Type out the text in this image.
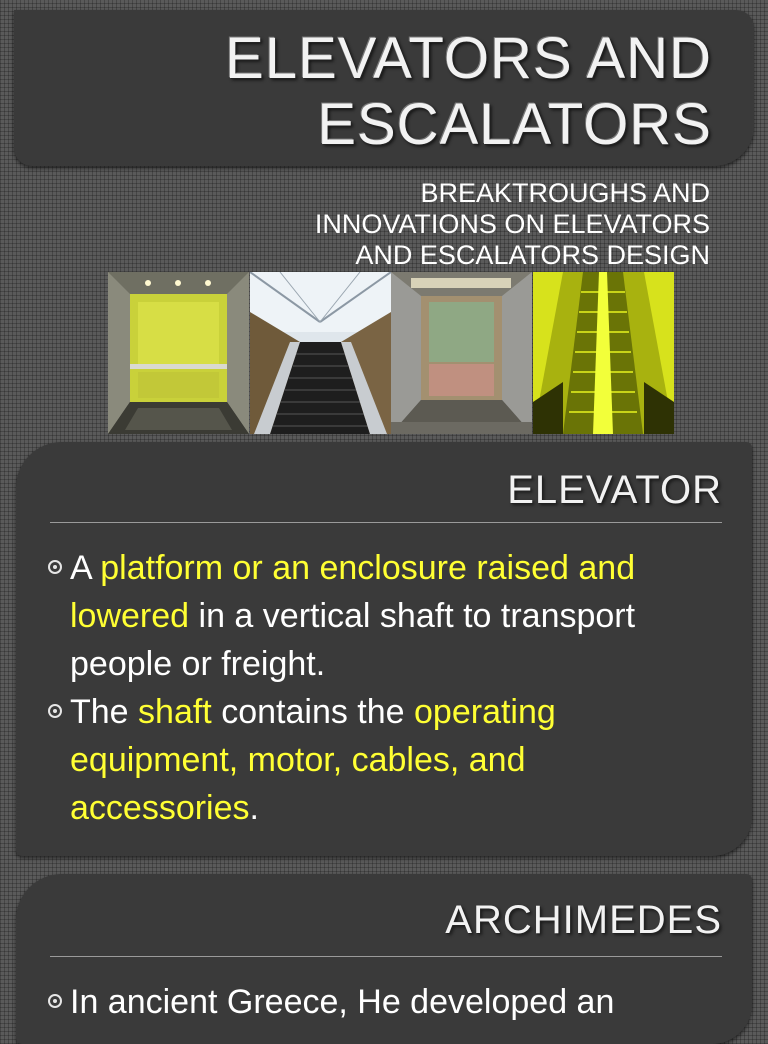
ELEVATORS AND
ESCALATORS

BREAKTROUGHS AND
INNOVATIONS ON ELEVATORS
AND ESCALATORS DESIGN

ELEVATOR
A platform or an enclosure raised and lowered in a vertical shaft to transport people or freight.
The shaft contains the operating equipment, motor, cables, and accessories.
ARCHIMEDES
In ancient Greece, He developed an
